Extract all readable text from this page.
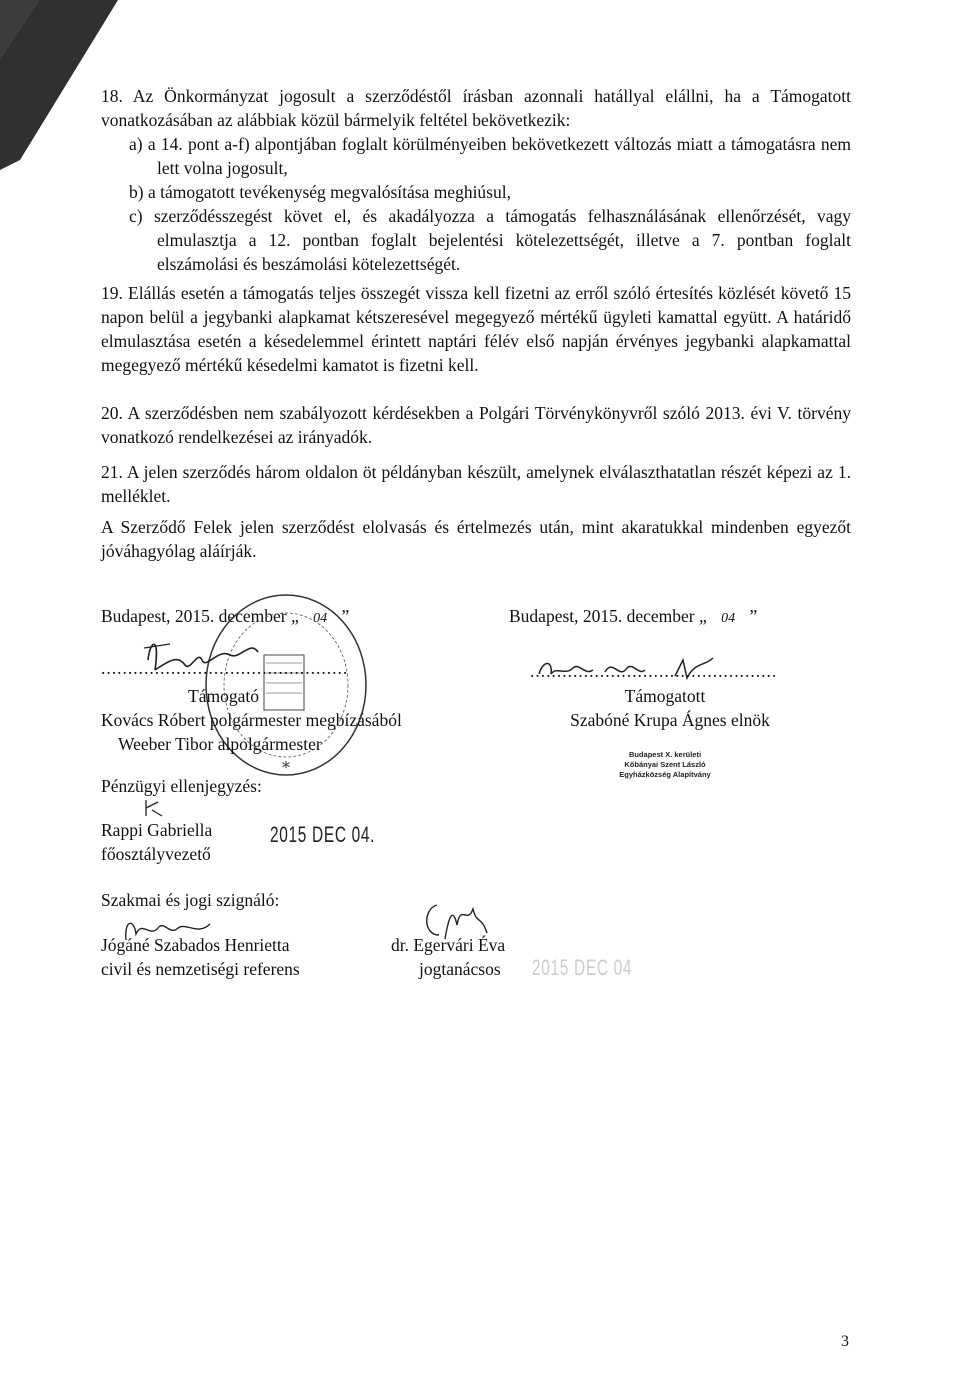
18. Az Önkormányzat jogosult a szerződéstől írásban azonnali hatállyal elállni, ha a Támogatott vonatkozásában az alábbiak közül bármelyik feltétel bekövetkezik:

a) a 14. pont a-f) alpontjában foglalt körülményeiben bekövetkezett változás miatt a támogatásra nem lett volna jogosult,

b) a támogatott tevékenység megvalósítása meghiúsul,

c) szerződésszegést követ el, és akadályozza a támogatás felhasználásának ellenőrzését, vagy elmulasztja a 12. pontban foglalt bejelentési kötelezettségét, illetve a 7. pontban foglalt elszámolási és beszámolási kötelezettségét.

19. Elállás esetén a támogatás teljes összegét vissza kell fizetni az erről szóló értesítés közlését követő 15 napon belül a jegybanki alapkamat kétszeresével megegyező mértékű ügyleti kamattal együtt. A határidő elmulasztása esetén a késedelemmel érintett naptári félév első napján érvényes jegybanki alapkamattal megegyező mértékű késedelmi kamatot is fizetni kell.

20. A szerződésben nem szabályozott kérdésekben a Polgári Törvénykönyvről szóló 2013. évi V. törvény vonatkozó rendelkezései az irányadók.

21. A jelen szerződés három oldalon öt példányban készült, amelynek elválaszthatatlan részét képezi az 1. melléklet.

A Szerződő Felek jelen szerződést elolvasás és értelmezés után, mint akaratukkal mindenben egyezőt jóváhagyólag aláírják.

Budapest, 2015. december „ 04 ”
*
..............................................
Támogató
Kovács Róbert polgármester megbízásából
Weeber Tibor alpolgármester
Budapest, 2015. december „ 04 ”
..............................................
Támogatott
Szabóné Krupa Ágnes elnök
Budapest X. kerületi
Kőbányai Szent László
Egyházközség Alapítvány
Pénzügyi ellenjegyzés:
Rappi Gabriella
főosztályvezető
2015 DEC 04.
Szakmai és jogi szignáló:
Jógáné Szabados Henrietta
civil és nemzetiségi referens
dr. Egervári Éva
jogtanácsos	2015 DEC 04
3
